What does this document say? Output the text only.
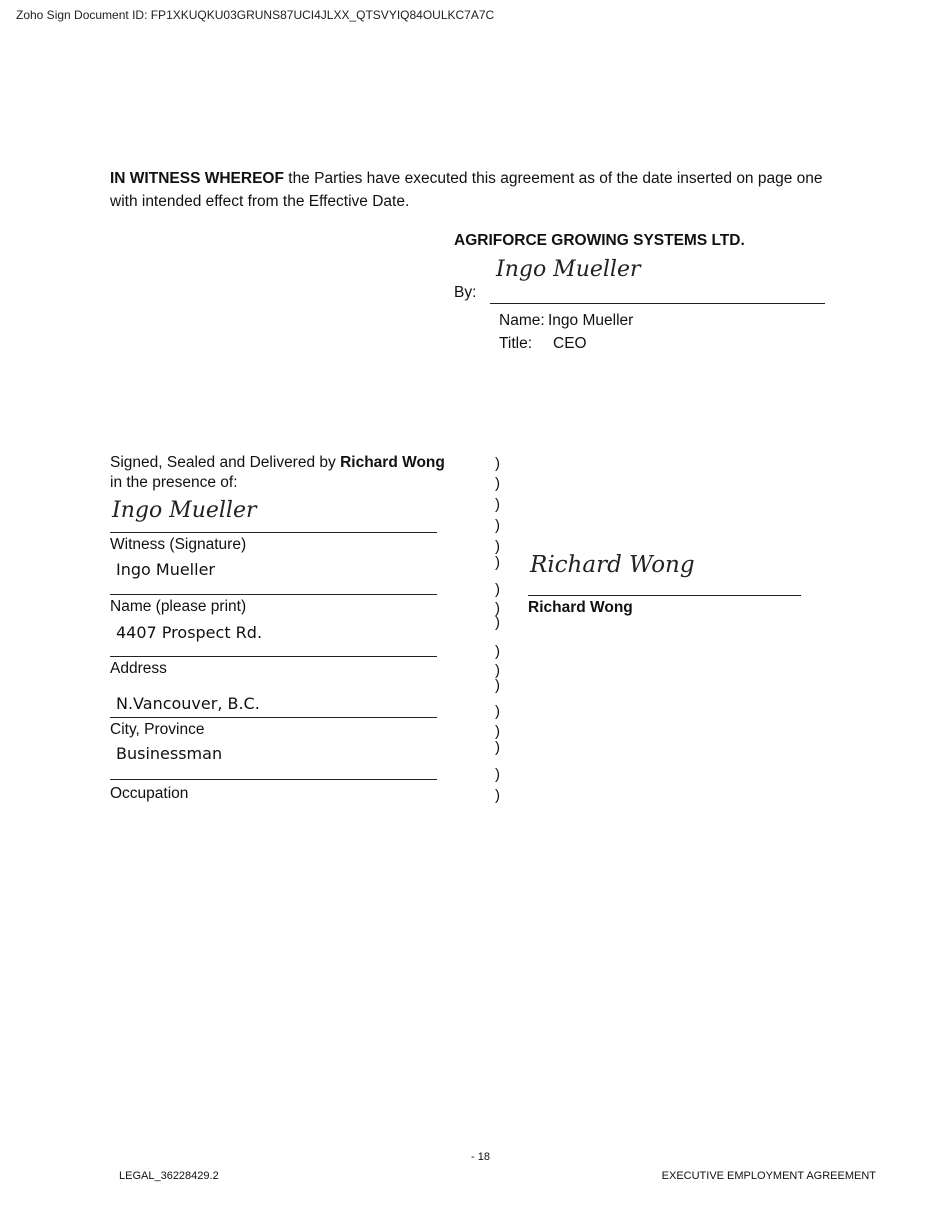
Zoho Sign Document ID: FP1XKUQKU03GRUNS87UCI4JLXX_QTSVYIQ84OULKC7A7C
IN WITNESS WHEREOF the Parties have executed this agreement as of the date inserted on page one
with intended effect from the Effective Date.
AGRIFORCE GROWING SYSTEMS LTD.
Ingo Mueller
By:
Name: Ingo Mueller
Title: CEO
Signed, Sealed and Delivered by Richard Wong
in the presence of:
Ingo Mueller
Witness (Signature)
Ingo Mueller
Name (please print)
4407 Prospect Rd.
Address
N.Vancouver, B.C.
City, Province
Businessman
Occupation
)
)
)
)
)
)
)
)
)
)
)
)
)
)
)
)
)
Richard Wong
Richard Wong
- 18
LEGAL_36228429.2	EXECUTIVE EMPLOYMENT AGREEMENT
